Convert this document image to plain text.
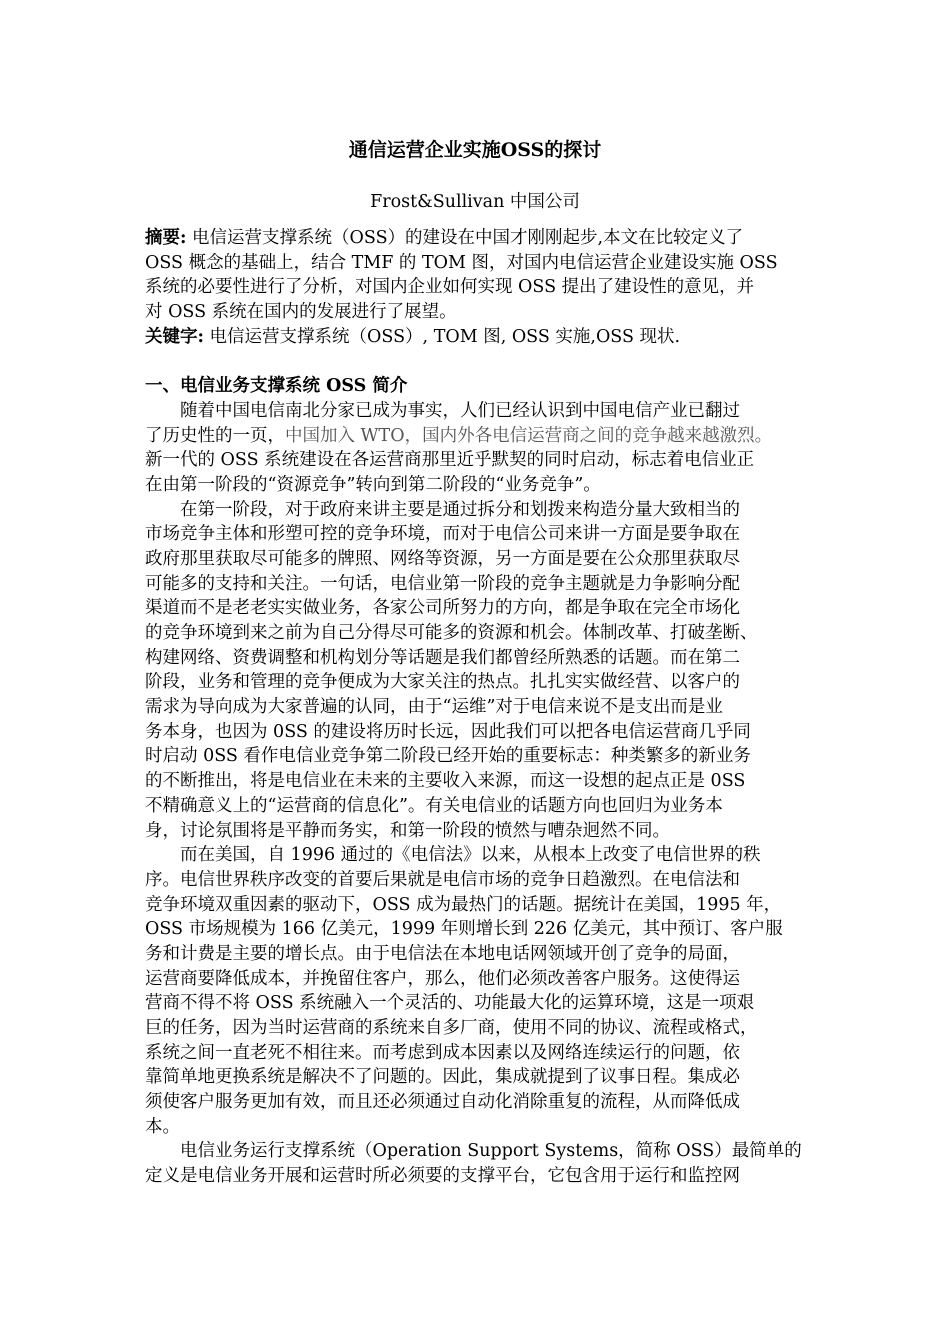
通信运营企业实施OSS的探讨
Frost&Sullivan 中国公司
摘要: 电信运营支撑系统（OSS）的建设在中国才刚刚起步,本文在比较定义了
OSS 概念的基础上，结合 TMF 的 TOM 图，对国内电信运营企业建设实施 OSS
系统的必要性进行了分析，对国内企业如何实现 OSS 提出了建设性的意见，并
对 OSS 系统在国内的发展进行了展望。
关键字: 电信运营支撑系统（OSS）, TOM 图, OSS 实施,OSS 现状.
一、电信业务支撑系统 OSS 简介
随着中国电信南北分家已成为事实，人们已经认识到中国电信产业已翻过
了历史性的一页，中国加入 WTO，国内外各电信运营商之间的竞争越来越激烈。
新一代的 OSS 系统建设在各运营商那里近乎默契的同时启动，标志着电信业正
在由第一阶段的“资源竞争”转向到第二阶段的“业务竞争”。
在第一阶段，对于政府来讲主要是通过拆分和划拨来构造分量大致相当的
市场竞争主体和形塑可控的竞争环境，而对于电信公司来讲一方面是要争取在
政府那里获取尽可能多的牌照、网络等资源，另一方面是要在公众那里获取尽
可能多的支持和关注。一句话，电信业第一阶段的竞争主题就是力争影响分配
渠道而不是老老实实做业务，各家公司所努力的方向，都是争取在完全市场化
的竞争环境到来之前为自己分得尽可能多的资源和机会。体制改革、打破垄断、
构建网络、资费调整和机构划分等话题是我们都曾经所熟悉的话题。而在第二
阶段，业务和管理的竞争便成为大家关注的热点。扎扎实实做经营、以客户的
需求为导向成为大家普遍的认同，由于“运维”对于电信来说不是支出而是业
务本身，也因为 0SS 的建设将历时长远，因此我们可以把各电信运营商几乎同
时启动 0SS 看作电信业竞争第二阶段已经开始的重要标志：种类繁多的新业务
的不断推出，将是电信业在未来的主要收入来源，而这一设想的起点正是 0SS
不精确意义上的“运营商的信息化”。有关电信业的话题方向也回归为业务本
身，讨论氛围将是平静而务实，和第一阶段的愤然与嘈杂迥然不同。
而在美国，自 1996 通过的《电信法》以来，从根本上改变了电信世界的秩
序。电信世界秩序改变的首要后果就是电信市场的竞争日趋激烈。在电信法和
竞争环境双重因素的驱动下，OSS 成为最热门的话题。据统计在美国，1995 年，
OSS 市场规模为 166 亿美元，1999 年则增长到 226 亿美元，其中预订、客户服
务和计费是主要的增长点。由于电信法在本地电话网领域开创了竞争的局面，
运营商要降低成本，并挽留住客户，那么，他们必须改善客户服务。这使得运
营商不得不将 OSS 系统融入一个灵活的、功能最大化的运算环境，这是一项艰
巨的任务，因为当时运营商的系统来自多厂商，使用不同的协议、流程或格式，
系统之间一直老死不相往来。而考虑到成本因素以及网络连续运行的问题，依
靠简单地更换系统是解决不了问题的。因此，集成就提到了议事日程。集成必
须使客户服务更加有效，而且还必须通过自动化消除重复的流程，从而降低成
本。
电信业务运行支撑系统（Operation Support Systems，简称 OSS）最简单的
定义是电信业务开展和运营时所必须要的支撑平台，它包含用于运行和监控网
